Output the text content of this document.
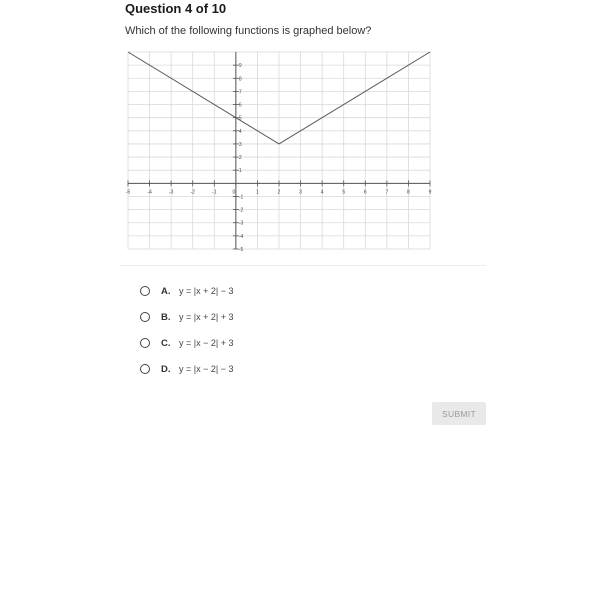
Question 4 of 10
Which of the following functions is graphed below?
-5	-4	-3	-2	-1	0	1	2	3	4	5	6	7	8	9
9
8
7
6
5
4
3
2
1
-1
-2
-3
-4
-5
A. y = |x + 2| − 3
B. y = |x + 2| + 3
C. y = |x − 2| + 3
D. y = |x − 2| − 3
SUBMIT
